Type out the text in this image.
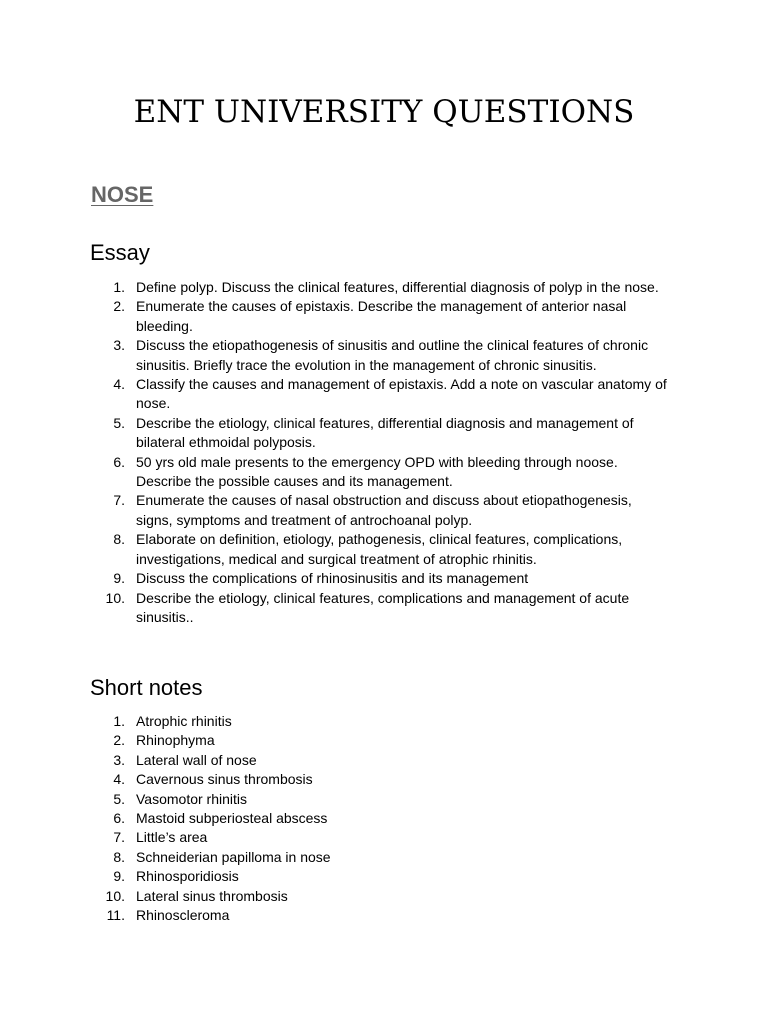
ENT UNIVERSITY QUESTIONS
NOSE
Essay
1. Define polyp. Discuss the clinical features, differential diagnosis of polyp in the nose.
2. Enumerate the causes of epistaxis. Describe the management of anterior nasal bleeding.
3. Discuss the etiopathogenesis of sinusitis and outline the clinical features of chronic sinusitis. Briefly trace the evolution in the management of chronic sinusitis.
4. Classify the causes and management of epistaxis. Add a note on vascular anatomy of nose.
5. Describe the etiology, clinical features, differential diagnosis and management of bilateral ethmoidal polyposis.
6. 50 yrs old male presents to the emergency OPD with bleeding through noose. Describe the possible causes and its management.
7. Enumerate the causes of nasal obstruction and discuss about etiopathogenesis, signs, symptoms and treatment of antrochoanal polyp.
8. Elaborate on definition, etiology, pathogenesis, clinical features, complications, investigations, medical and surgical treatment of atrophic rhinitis.
9. Discuss the complications of rhinosinusitis and its management
10. Describe the etiology, clinical features, complications and management of acute sinusitis..
Short notes
1. Atrophic rhinitis
2. Rhinophyma
3. Lateral wall of nose
4. Cavernous sinus thrombosis
5. Vasomotor rhinitis
6. Mastoid subperiosteal abscess
7. Little’s area
8. Schneiderian papilloma in nose
9. Rhinosporidiosis
10. Lateral sinus thrombosis
11. Rhinoscleroma
